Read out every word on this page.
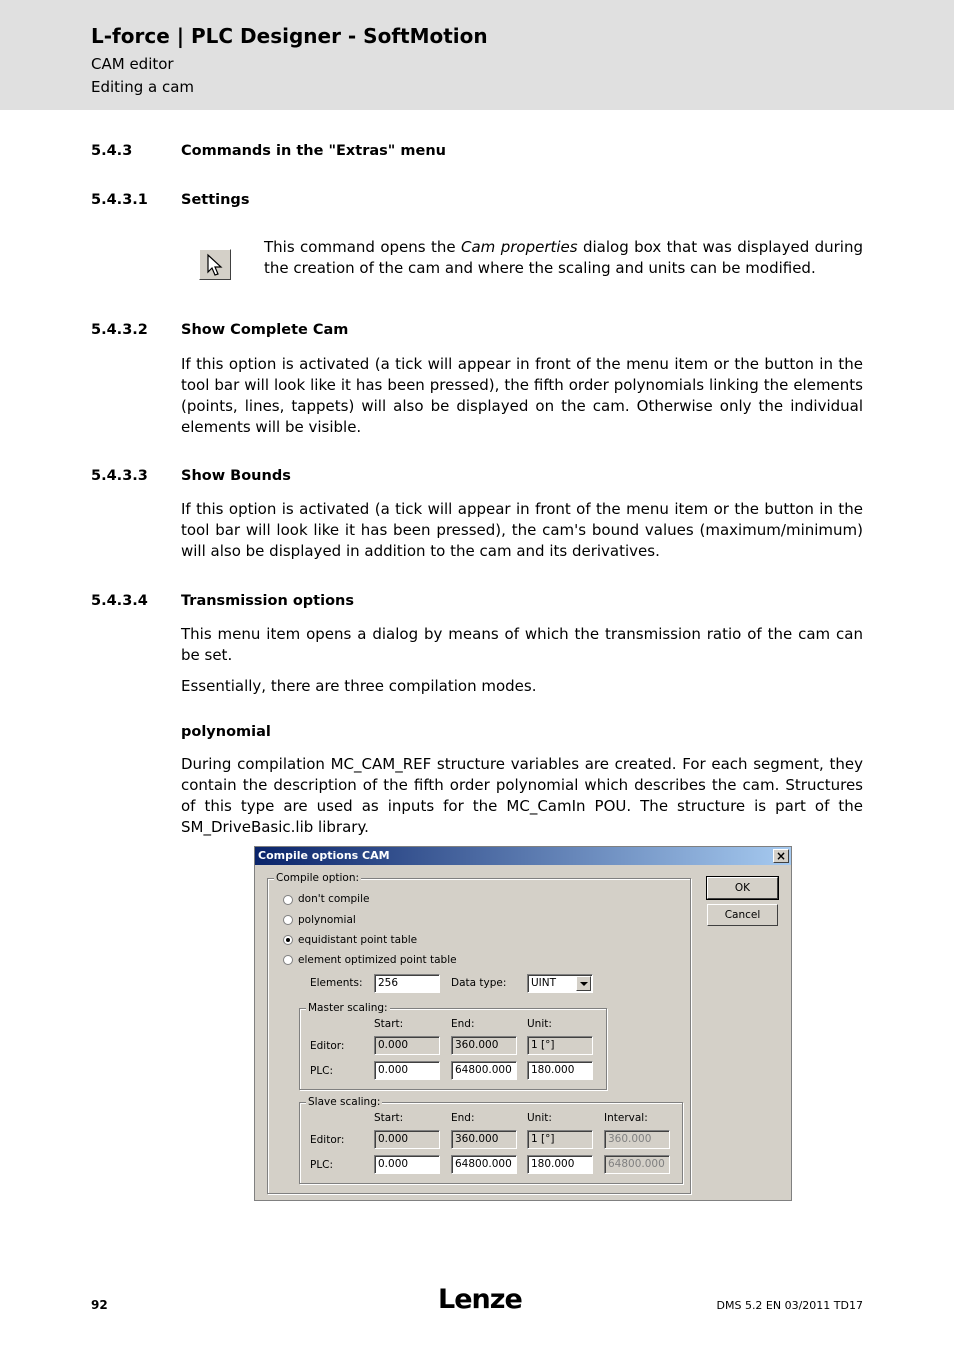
L-force | PLC Designer - SoftMotion
CAM editor
Editing a cam
5.4.3	Commands in the "Extras" menu
5.4.3.1 Settings
This command opens the Cam properties dialog box that was displayed during the creation of the cam and where the scaling and units can be modified.
5.4.3.2 Show Complete Cam
If this option is activated (a tick will appear in front of the menu item or the button in the tool bar will look like it has been pressed), the fifth order polynomials linking the elements (points, lines, tappets) will also be displayed on the cam. Otherwise only the individual elements will be visible.
5.4.3.3 Show Bounds
If this option is activated (a tick will appear in front of the menu item or the button in the tool bar will look like it has been pressed), the cam's bound values (maximum/minimum) will also be displayed in addition to the cam and its derivatives.
5.4.3.4 Transmission options
This menu item opens a dialog by means of which the transmission ratio of the cam can be set.
Essentially, there are three compilation modes.
polynomial
During compilation MC_CAM_REF structure variables are created. For each segment, they contain the description of the fifth order polynomial which describes the cam. Structures of this type are used as inputs for the MC_CamIn POU. The structure is part of the SM_DriveBasic.lib library.
Compile options CAM	×
OK
Cancel
Compile option:
don't compile
polynomial
equidistant point table
element optimized point table
Elements:	256	Data type:	UINT
Master scaling:
Start:	End:	Unit:
Editor:	0.000	360.000	1 [°]
PLC:	0.000	64800.000	180.000
Slave scaling:
Start:	End:	Unit:	Interval:
Editor:	0.000	360.000	1 [°]	360.000
PLC:	0.000	64800.000	180.000	64800.000
92	Lenze	DMS 5.2 EN 03/2011 TD17
